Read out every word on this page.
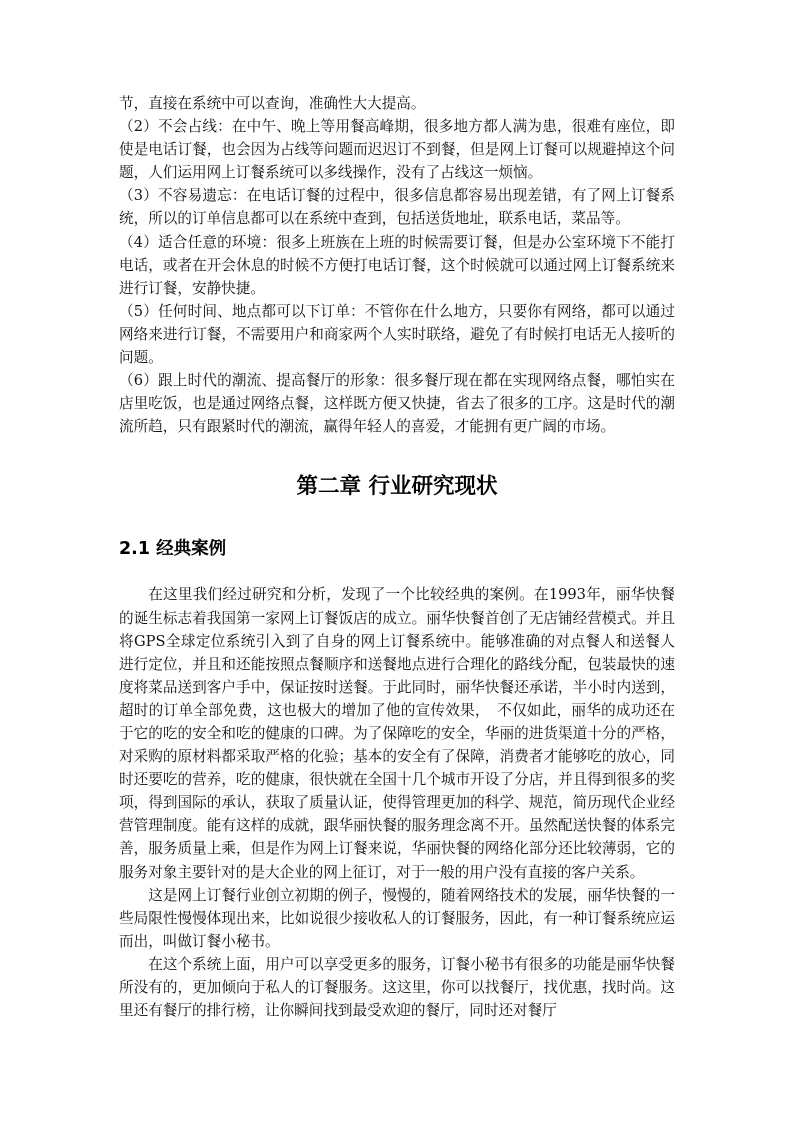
节，直接在系统中可以查询，准确性大大提高。

（2）不会占线：在中午、晚上等用餐高峰期，很多地方都人满为患，很难有座位，即使是电话订餐，也会因为占线等问题而迟迟订不到餐，但是网上订餐可以规避掉这个问题，人们运用网上订餐系统可以多线操作，没有了占线这一烦恼。

（3）不容易遗忘：在电话订餐的过程中，很多信息都容易出现差错，有了网上订餐系统，所以的订单信息都可以在系统中查到，包括送货地址，联系电话，菜品等。

（4）适合任意的环境：很多上班族在上班的时候需要订餐，但是办公室环境下不能打电话，或者在开会休息的时候不方便打电话订餐，这个时候就可以通过网上订餐系统来进行订餐，安静快捷。

（5）任何时间、地点都可以下订单：不管你在什么地方，只要你有网络，都可以通过网络来进行订餐，不需要用户和商家两个人实时联络，避免了有时候打电话无人接听的问题。

（6）跟上时代的潮流、提高餐厅的形象：很多餐厅现在都在实现网络点餐，哪怕实在店里吃饭，也是通过网络点餐，这样既方便又快捷，省去了很多的工序。这是时代的潮流所趋，只有跟紧时代的潮流，赢得年轻人的喜爱，才能拥有更广阔的市场。

第二章 行业研究现状
2.1 经典案例

在这里我们经过研究和分析，发现了一个比较经典的案例。在1993年，丽华快餐的诞生标志着我国第一家网上订餐饭店的成立。丽华快餐首创了无店铺经营模式。并且将GPS全球定位系统引入到了自身的网上订餐系统中。能够准确的对点餐人和送餐人进行定位，并且和还能按照点餐顺序和送餐地点进行合理化的路线分配，包装最快的速度将菜品送到客户手中，保证按时送餐。于此同时，丽华快餐还承诺，半小时内送到，超时的订单全部免费，这也极大的增加了他的宣传效果，　不仅如此，丽华的成功还在于它的吃的安全和吃的健康的口碑。为了保障吃的安全，华丽的进货渠道十分的严格，对采购的原材料都采取严格的化验；基本的安全有了保障，消费者才能够吃的放心，同时还要吃的营养，吃的健康，很快就在全国十几个城市开设了分店，并且得到很多的奖项，得到国际的承认，获取了质量认证，使得管理更加的科学、规范，简历现代企业经营管理制度。能有这样的成就，跟华丽快餐的服务理念离不开。虽然配送快餐的体系完善，服务质量上乘，但是作为网上订餐来说，华丽快餐的网络化部分还比较薄弱，它的服务对象主要针对的是大企业的网上征订，对于一般的用户没有直接的客户关系。

这是网上订餐行业创立初期的例子，慢慢的，随着网络技术的发展，丽华快餐的一些局限性慢慢体现出来，比如说很少接收私人的订餐服务，因此，有一种订餐系统应运而出，叫做订餐小秘书。

在这个系统上面，用户可以享受更多的服务，订餐小秘书有很多的功能是丽华快餐所没有的，更加倾向于私人的订餐服务。这这里，你可以找餐厅，找优惠，找时尚。这里还有餐厅的排行榜，让你瞬间找到最受欢迎的餐厅，同时还对餐厅
